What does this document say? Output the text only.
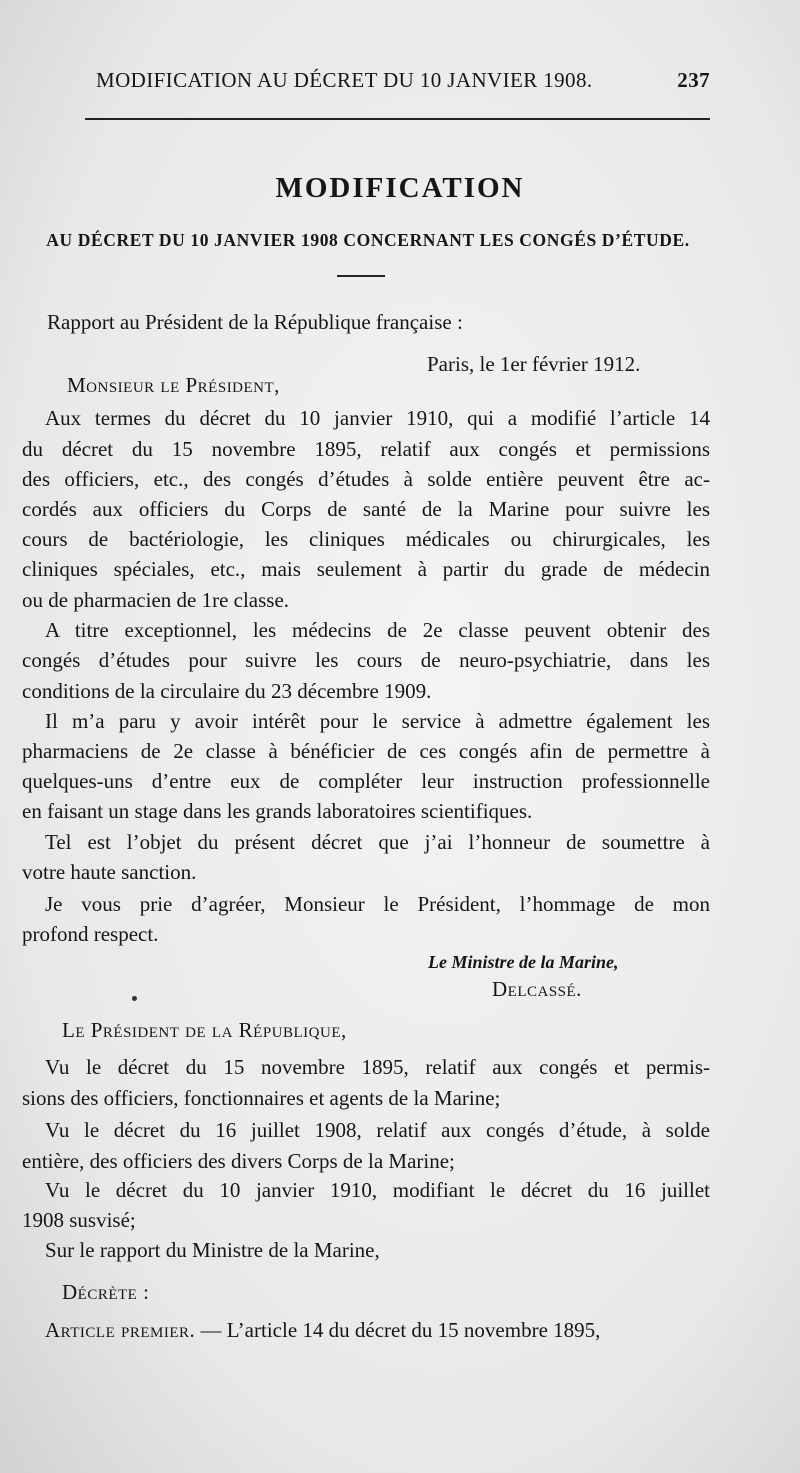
MODIFICATION AU DÉCRET DU 10 JANVIER 1908.	237
MODIFICATION
AU DÉCRET DU 10 JANVIER 1908 CONCERNANT LES CONGÉS D’ÉTUDE.
Rapport au Président de la République française :
Paris, le 1er février 1912.
Monsieur le Président,
Aux termes du décret du 10 janvier 1910, qui a modifié l’article 14
du décret du 15 novembre 1895, relatif aux congés et permissions
des officiers, etc., des congés d’études à solde entière peuvent être ac-
cordés aux officiers du Corps de santé de la Marine pour suivre les
cours de bactériologie, les cliniques médicales ou chirurgicales, les
cliniques spéciales, etc., mais seulement à partir du grade de médecin
ou de pharmacien de 1re classe.
A titre exceptionnel, les médecins de 2e classe peuvent obtenir des
congés d’études pour suivre les cours de neuro-psychiatrie, dans les
conditions de la circulaire du 23 décembre 1909.
Il m’a paru y avoir intérêt pour le service à admettre également les
pharmaciens de 2e classe à bénéficier de ces congés afin de permettre à
quelques-uns d’entre eux de compléter leur instruction professionnelle
en faisant un stage dans les grands laboratoires scientifiques.
Tel est l’objet du présent décret que j’ai l’honneur de soumettre à
votre haute sanction.
Je vous prie d’agréer, Monsieur le Président, l’hommage de mon
profond respect.
Le Ministre de la Marine,
Delcassé.
Le Président de la République,
Vu le décret du 15 novembre 1895, relatif aux congés et permis-
sions des officiers, fonctionnaires et agents de la Marine;
Vu le décret du 16 juillet 1908, relatif aux congés d’étude, à solde
entière, des officiers des divers Corps de la Marine;
Vu le décret du 10 janvier 1910, modifiant le décret du 16 juillet
1908 susvisé;
Sur le rapport du Ministre de la Marine,
Décrète :
Article premier. — L’article 14 du décret du 15 novembre 1895,
